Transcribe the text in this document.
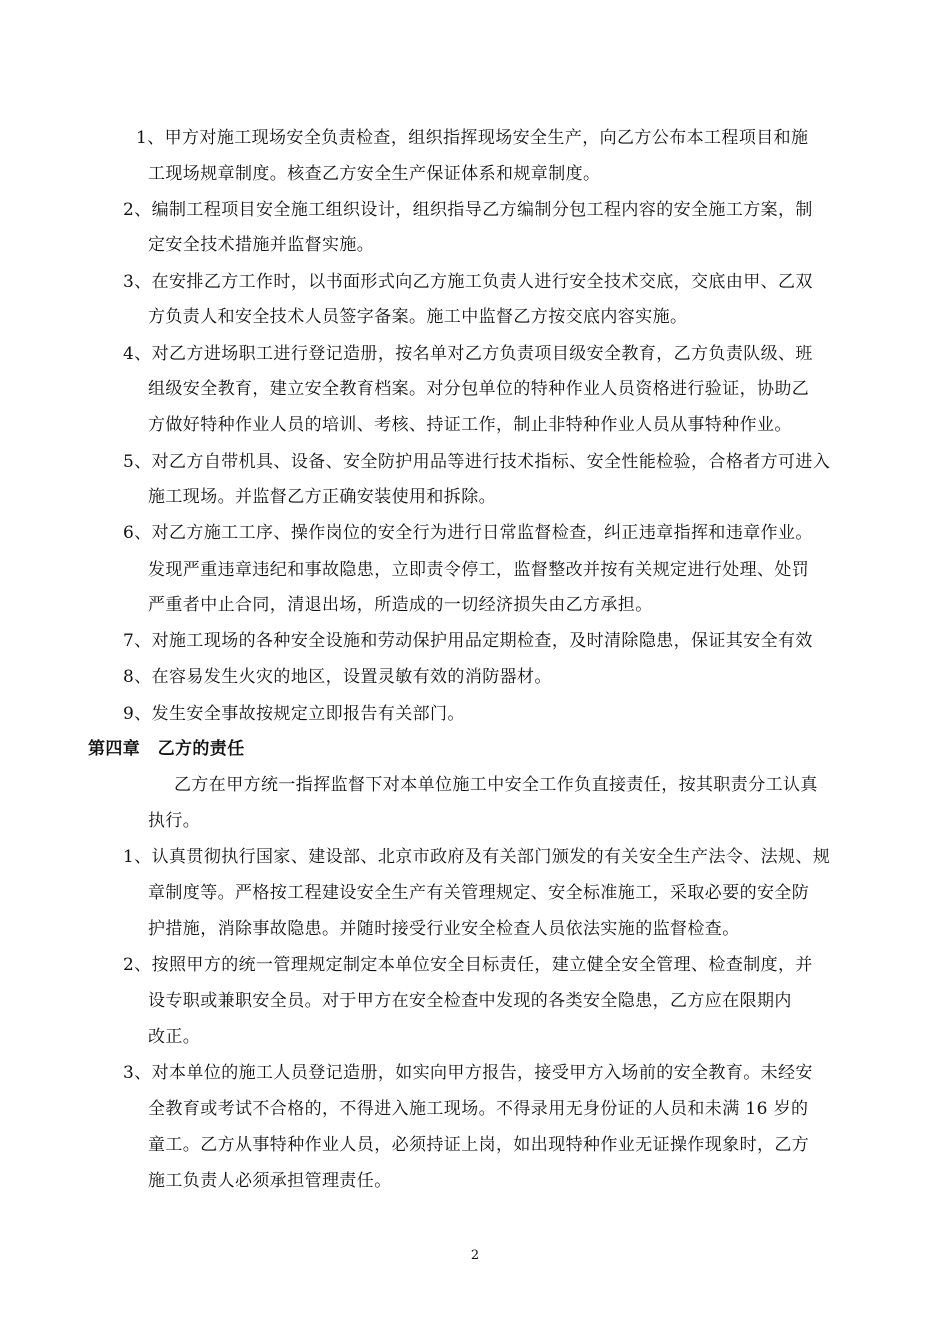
1、甲方对施工现场安全负责检查，组织指挥现场安全生产，向乙方公布本工程项目和施
工现场规章制度。核查乙方安全生产保证体系和规章制度。
2、编制工程项目安全施工组织设计，组织指导乙方编制分包工程内容的安全施工方案，制
定安全技术措施并监督实施。
3、在安排乙方工作时，以书面形式向乙方施工负责人进行安全技术交底，交底由甲、乙双
方负责人和安全技术人员签字备案。施工中监督乙方按交底内容实施。
4、对乙方进场职工进行登记造册，按名单对乙方负责项目级安全教育，乙方负责队级、班
组级安全教育，建立安全教育档案。对分包单位的特种作业人员资格进行验证，协助乙
方做好特种作业人员的培训、考核、持证工作，制止非特种作业人员从事特种作业。
5、对乙方自带机具、设备、安全防护用品等进行技术指标、安全性能检验，合格者方可进入
施工现场。并监督乙方正确安装使用和拆除。
6、对乙方施工工序、操作岗位的安全行为进行日常监督检查，纠正违章指挥和违章作业。
发现严重违章违纪和事故隐患，立即责令停工，监督整改并按有关规定进行处理、处罚
严重者中止合同，清退出场，所造成的一切经济损失由乙方承担。
7、对施工现场的各种安全设施和劳动保护用品定期检查，及时清除隐患，保证其安全有效
8、在容易发生火灾的地区，设置灵敏有效的消防器材。
9、发生安全事故按规定立即报告有关部门。
第四章　乙方的责任
乙方在甲方统一指挥监督下对本单位施工中安全工作负直接责任，按其职责分工认真
执行。
1、认真贯彻执行国家、建设部、北京市政府及有关部门颁发的有关安全生产法令、法规、规
章制度等。严格按工程建设安全生产有关管理规定、安全标准施工，采取必要的安全防
护措施，消除事故隐患。并随时接受行业安全检查人员依法实施的监督检查。
2、按照甲方的统一管理规定制定本单位安全目标责任，建立健全安全管理、检查制度，并
设专职或兼职安全员。对于甲方在安全检查中发现的各类安全隐患，乙方应在限期内
改正。
3、对本单位的施工人员登记造册，如实向甲方报告，接受甲方入场前的安全教育。未经安
全教育或考试不合格的，不得进入施工现场。不得录用无身份证的人员和未满 16 岁的
童工。乙方从事特种作业人员，必须持证上岗，如出现特种作业无证操作现象时，乙方
施工负责人必须承担管理责任。
2
